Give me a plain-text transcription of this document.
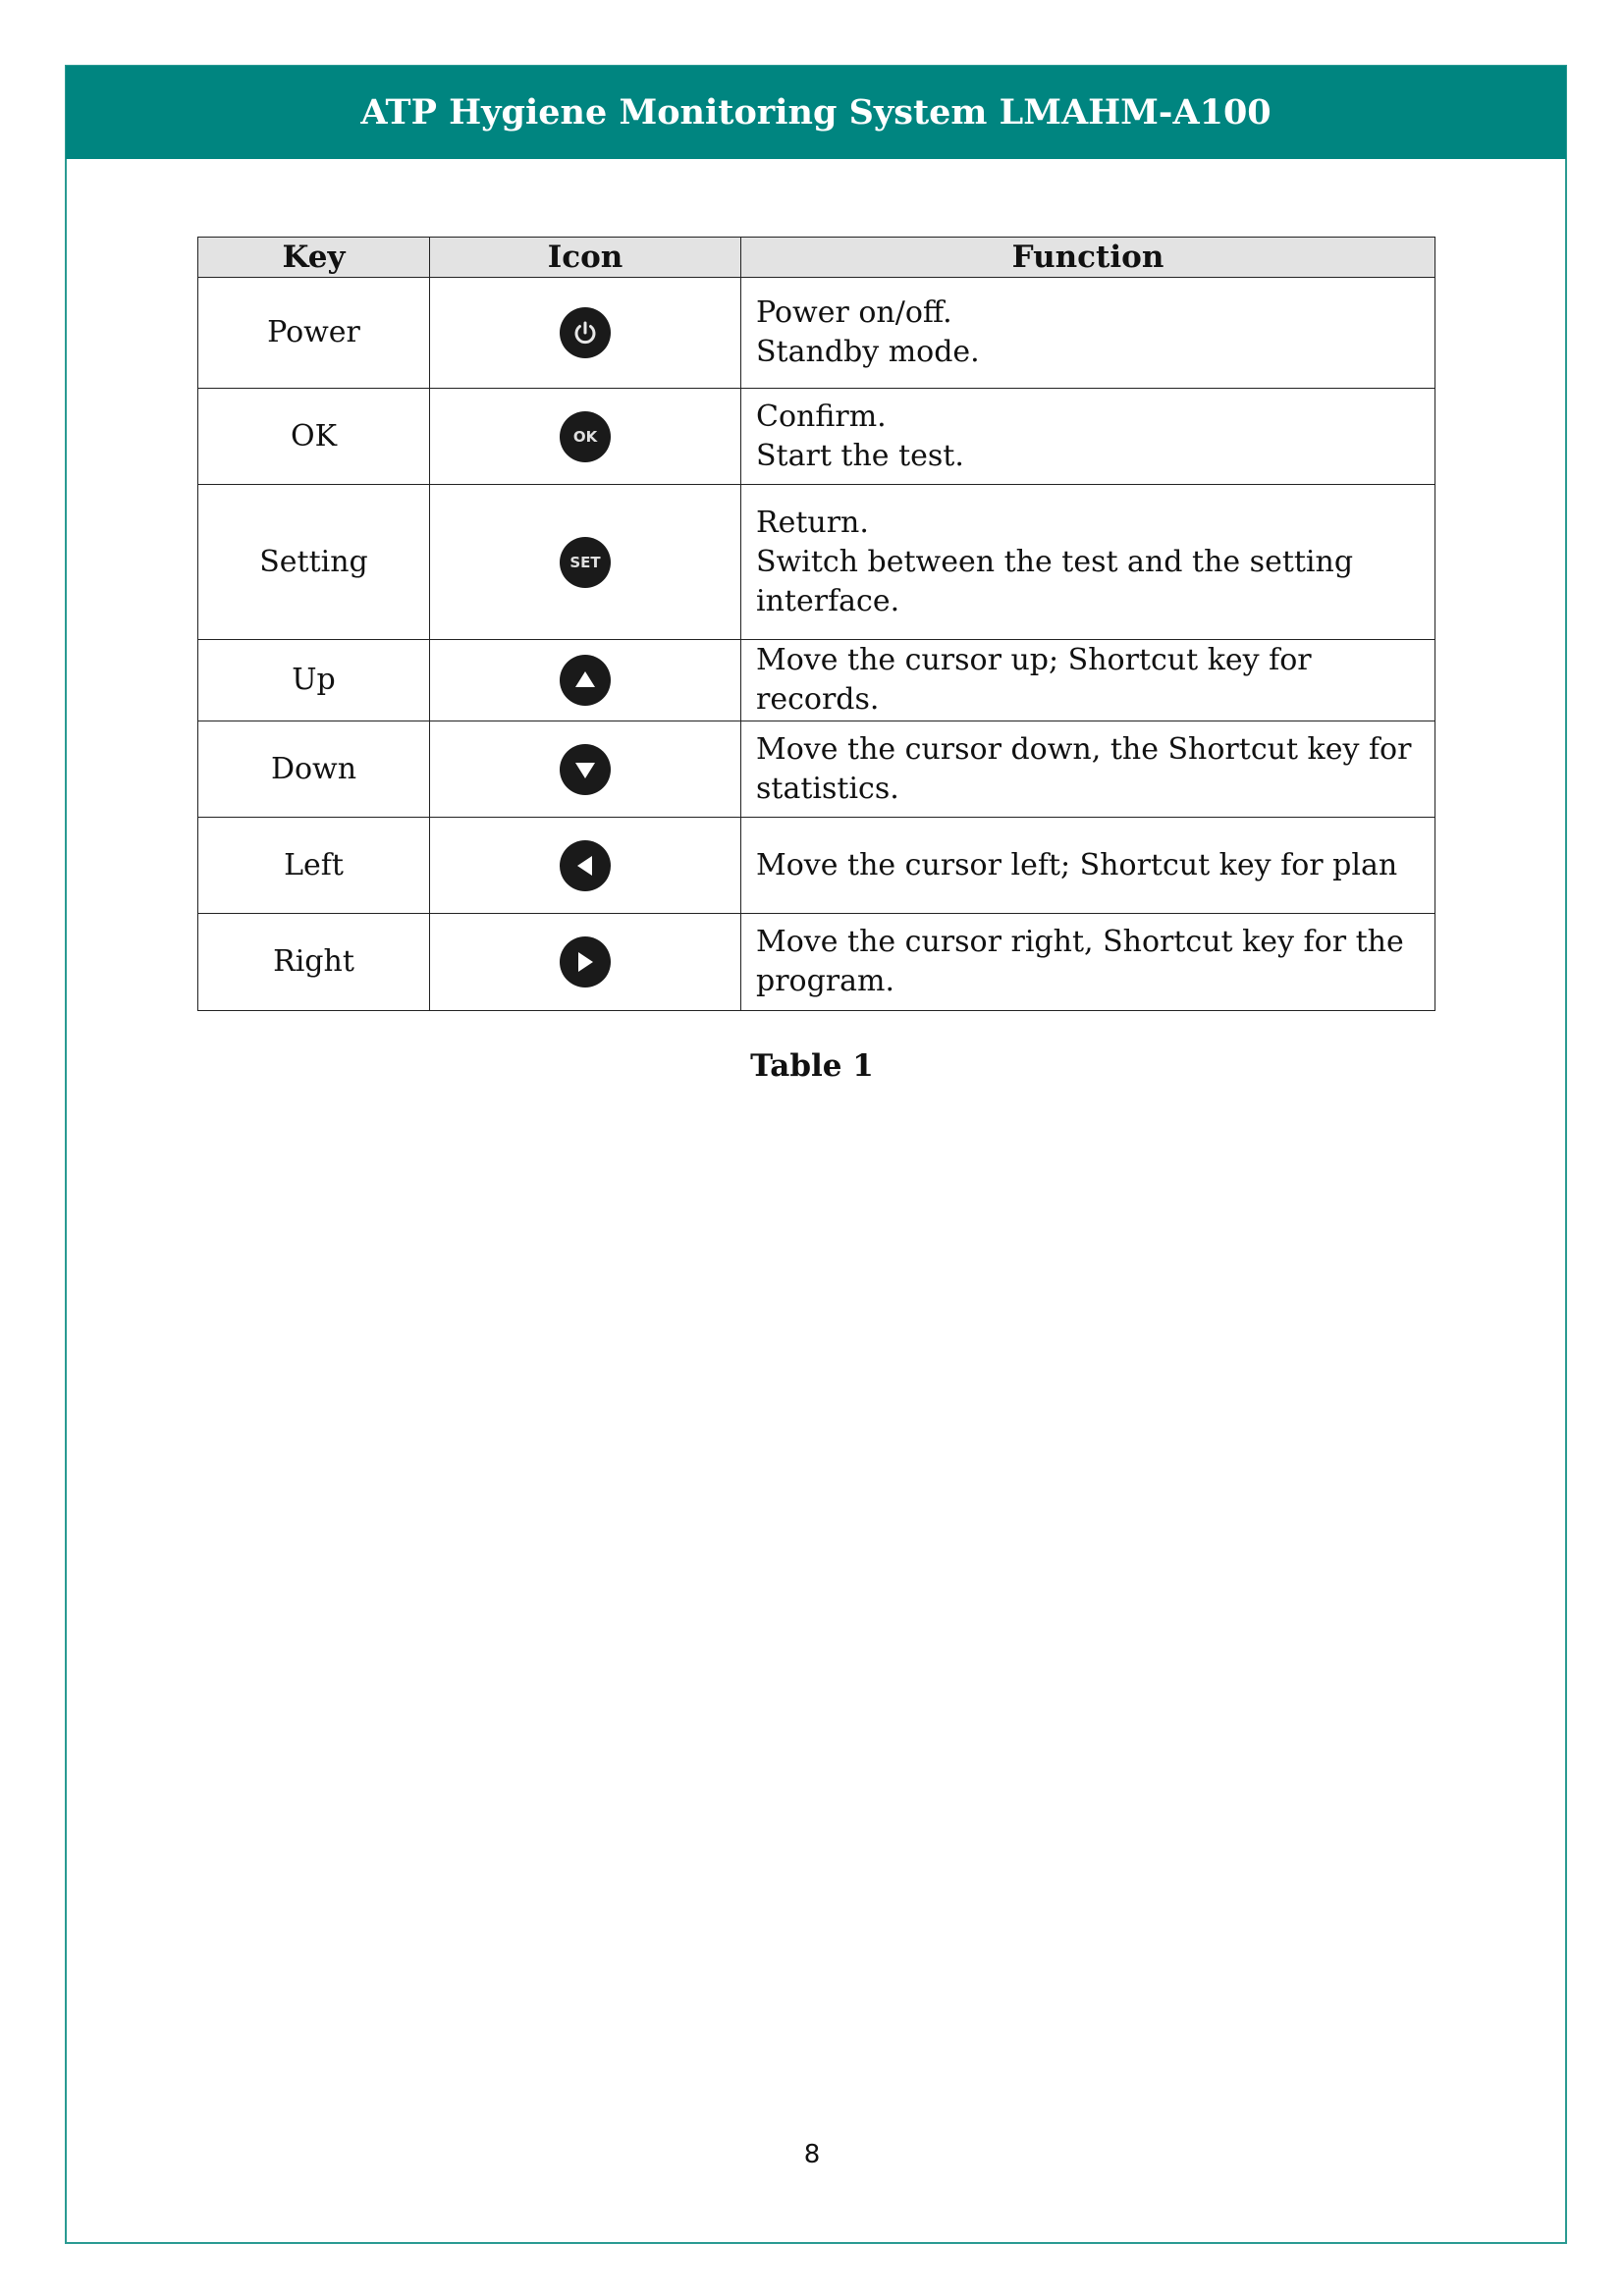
ATP Hygiene Monitoring System LMAHM-A100
Key	Icon	Function
Power		Power on/off.
Standby mode.

OK	OK	Confirm.
Start the test.

Setting	SET	Return.
Switch between the test and the setting
interface.

Up		Move the cursor up; Shortcut key for records.

Down		Move the cursor down, the Shortcut key for
statistics.

Left		Move the cursor left; Shortcut key for plan

Right		Move the cursor right, Shortcut key for the
program.
Table 1
8
